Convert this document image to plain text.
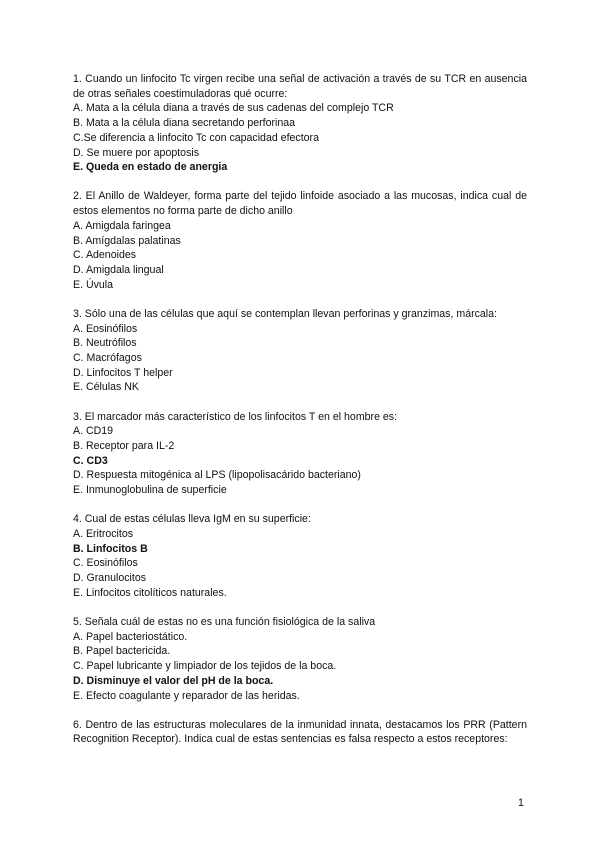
1. Cuando un linfocito Tc virgen recibe una señal de activación a través de su TCR en ausencia de otras señales coestimuladoras qué ocurre:
A. Mata a la célula diana a través de sus cadenas del complejo TCR
B. Mata a la célula diana secretando perforinaa
C.Se diferencia a linfocito Tc con capacidad efectora
D. Se muere por apoptosis
E. Queda en estado de anergia
2. El Anillo de Waldeyer, forma parte del tejido linfoide asociado a las mucosas, indica cual de estos elementos no forma parte de dicho anillo
A. Amigdala faringea
B. Amígdalas palatinas
C. Adenoides
D. Amigdala lingual
E. Úvula
3. Sólo una de las células que aquí se contemplan llevan perforinas y granzimas, márcala:
A. Eosinófilos
B. Neutrófilos
C. Macrófagos
D. Linfocitos T helper
E. Células NK
3. El marcador más característico de los linfocitos T en el hombre es:
A. CD19
B. Receptor para IL-2
C. CD3
D. Respuesta mitogénica al LPS (lipopolisacárido bacteriano)
E. Inmunoglobulina de superficie
4. Cual de estas células lleva IgM en su superficie:
A. Eritrocitos
B. Linfocitos B
C. Eosinófilos
D. Granulocitos
E. Linfocitos citolíticos naturales.
5. Señala cuál de estas no es una función fisiológica de la saliva
A. Papel bacteriostático.
B. Papel bactericida.
C. Papel lubricante y limpiador de los tejidos de la boca.
D. Disminuye el valor del pH de la boca.
E. Efecto coagulante y reparador de las heridas.
6. Dentro de las estructuras moleculares de la inmunidad innata, destacamos los PRR (Pattern Recognition Receptor). Indica cual de estas sentencias es falsa respecto a estos receptores:
1
